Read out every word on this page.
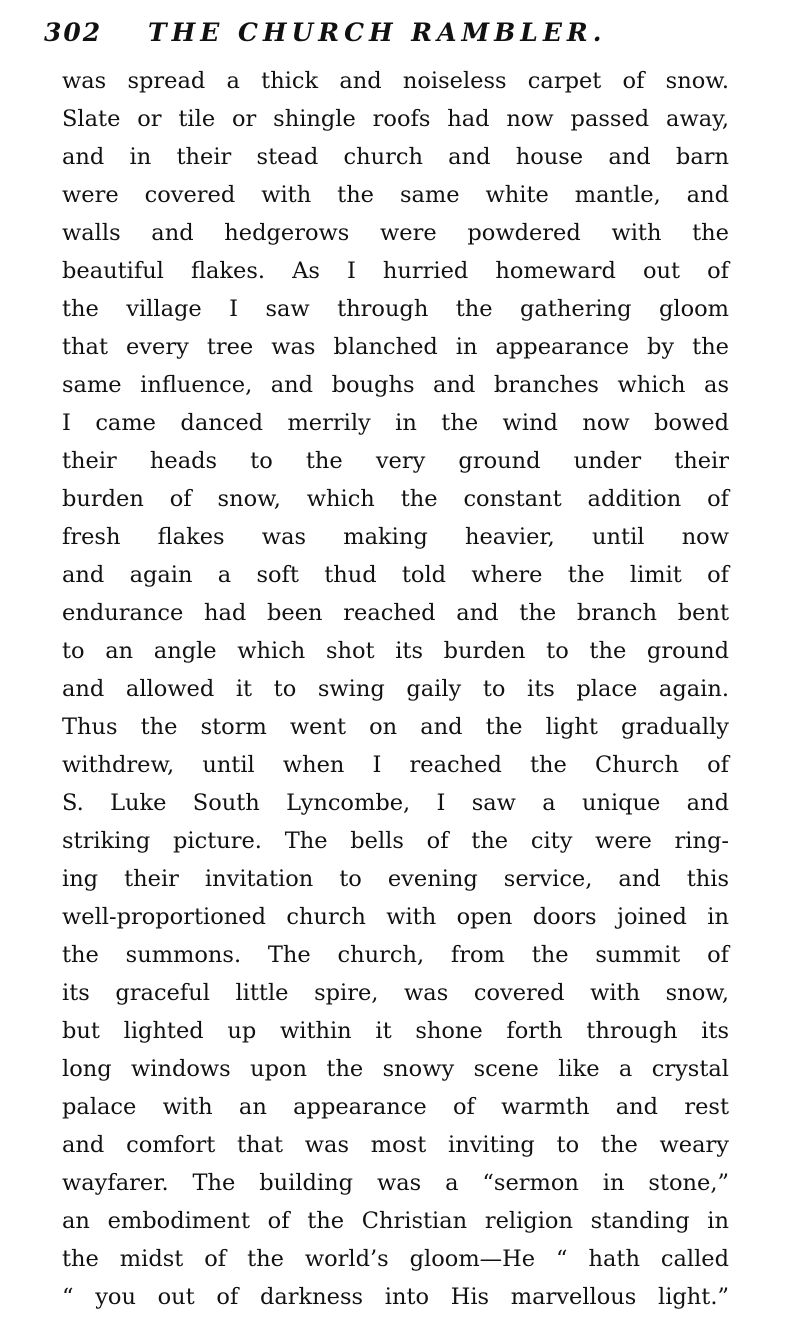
302 THE CHURCH RAMBLER.
was spread a thick and noiseless carpet of snow.
Slate or tile or shingle roofs had now passed away,
and in their stead church and house and barn
were covered with the same white mantle, and
walls and hedgerows were powdered with the
beautiful flakes. As I hurried homeward out of
the village I saw through the gathering gloom
that every tree was blanched in appearance by the
same influence, and boughs and branches which as
I came danced merrily in the wind now bowed
their heads to the very ground under their
burden of snow, which the constant addition of
fresh flakes was making heavier, until now
and again a soft thud told where the limit of
endurance had been reached and the branch bent
to an angle which shot its burden to the ground
and allowed it to swing gaily to its place again.
Thus the storm went on and the light gradually
withdrew, until when I reached the Church of
S. Luke South Lyncombe, I saw a unique and
striking picture. The bells of the city were ring-
ing their invitation to evening service, and this
well-proportioned church with open doors joined in
the summons. The church, from the summit of
its graceful little spire, was covered with snow,
but lighted up within it shone forth through its
long windows upon the snowy scene like a crystal
palace with an appearance of warmth and rest
and comfort that was most inviting to the weary
wayfarer. The building was a “sermon in stone,”
an embodiment of the Christian religion standing in
the midst of the world’s gloom—He “ hath called
“ you out of darkness into His marvellous light.”
